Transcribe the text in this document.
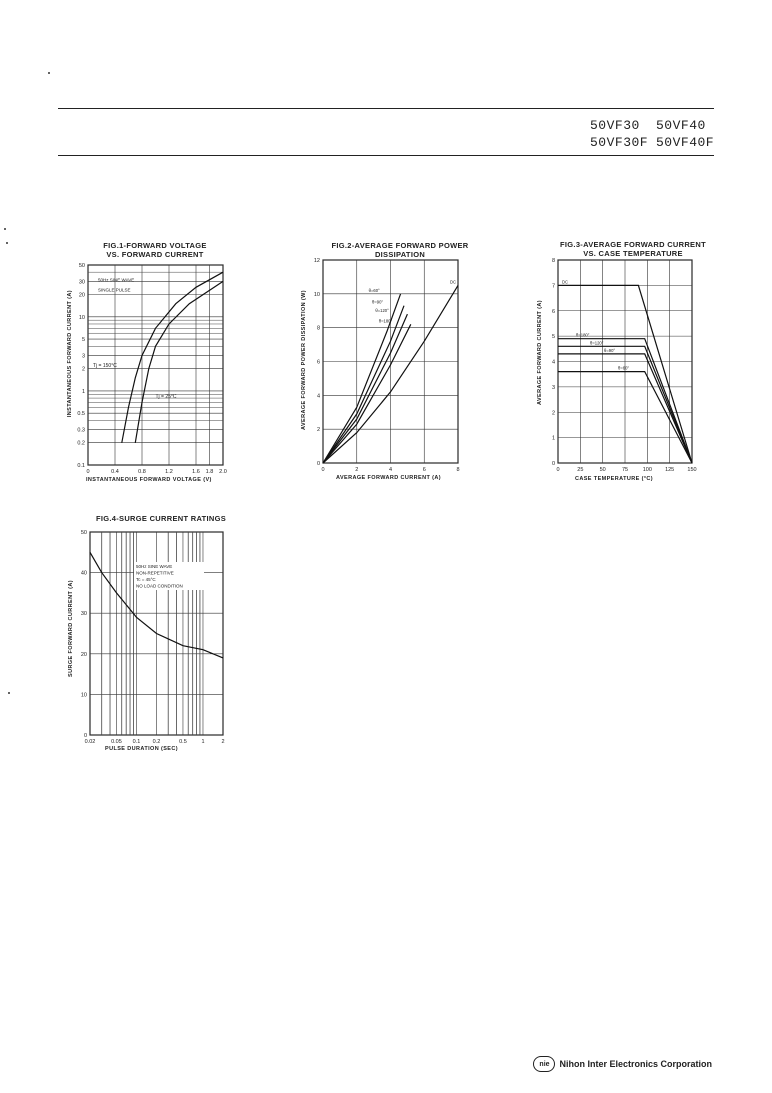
50VF30 50VF40
50VF30F 50VF40F
FIG.1-FORWARD VOLTAGE
VS. FORWARD CURRENT
INSTANTANEOUS FORWARD CURRENT (A)
INSTANTANEOUS FORWARD VOLTAGE (V)
0.1
0.2
0.3
0.5
1
2
3
5
10
20
30
50
0	0.4	0.8	1.2	1.6 1.8 2.0
50Hz SINE WAVE
SINGLE PULSE
Tj = 150°C
Tj = 25°C
FIG.2-AVERAGE FORWARD POWER
DISSIPATION
AVERAGE FORWARD POWER DISSIPATION (W)
AVERAGE FORWARD CURRENT (A)
0
2
4
6
8
10
12
0	2	4	6	8
DC
θ=180°
θ=120°
θ=90°
θ=60°
FIG.3-AVERAGE FORWARD CURRENT
VS. CASE TEMPERATURE
AVERAGE FORWARD CURRENT (A)
CASE TEMPERATURE (°C)
0
1
2
3
4
5
6
7
8
0	25	50	75	100 125 150
DC
θ=180°
θ=120°
θ=90°
θ=60°
FIG.4-SURGE CURRENT RATINGS
SURGE FORWARD CURRENT (A)
PULSE DURATION (SEC)
0
10
20
30
40
50
0.02	0.05 0.1 0.2	0.5	1	2
50Hz SINE WAVE
NON-REPETITIVE
Tc = 45°C
NO LOAD CONDITION
nie	Nihon Inter Electronics Corporation
